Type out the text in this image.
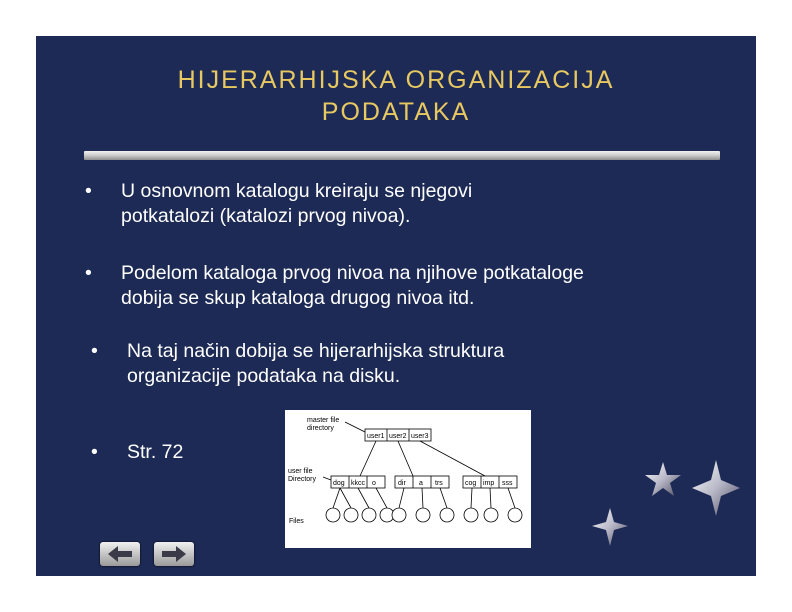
HIJERARHIJSKA ORGANIZACIJA
PODATAKA
• U osnovnom katalogu kreiraju se njegovi
potkatalozi (katalozi prvog nivoa).
• Podelom kataloga prvog nivoa na njihove potkataloge
dobija se skup kataloga drugog nivoa itd.
• Na taj način dobija se hijerarhijska struktura
organizacije podataka na disku.
• Str. 72
master file
directory
user1 user2 user3
user file
Directory
dog kkcc o	dir a trs	cog imp sss
Files
